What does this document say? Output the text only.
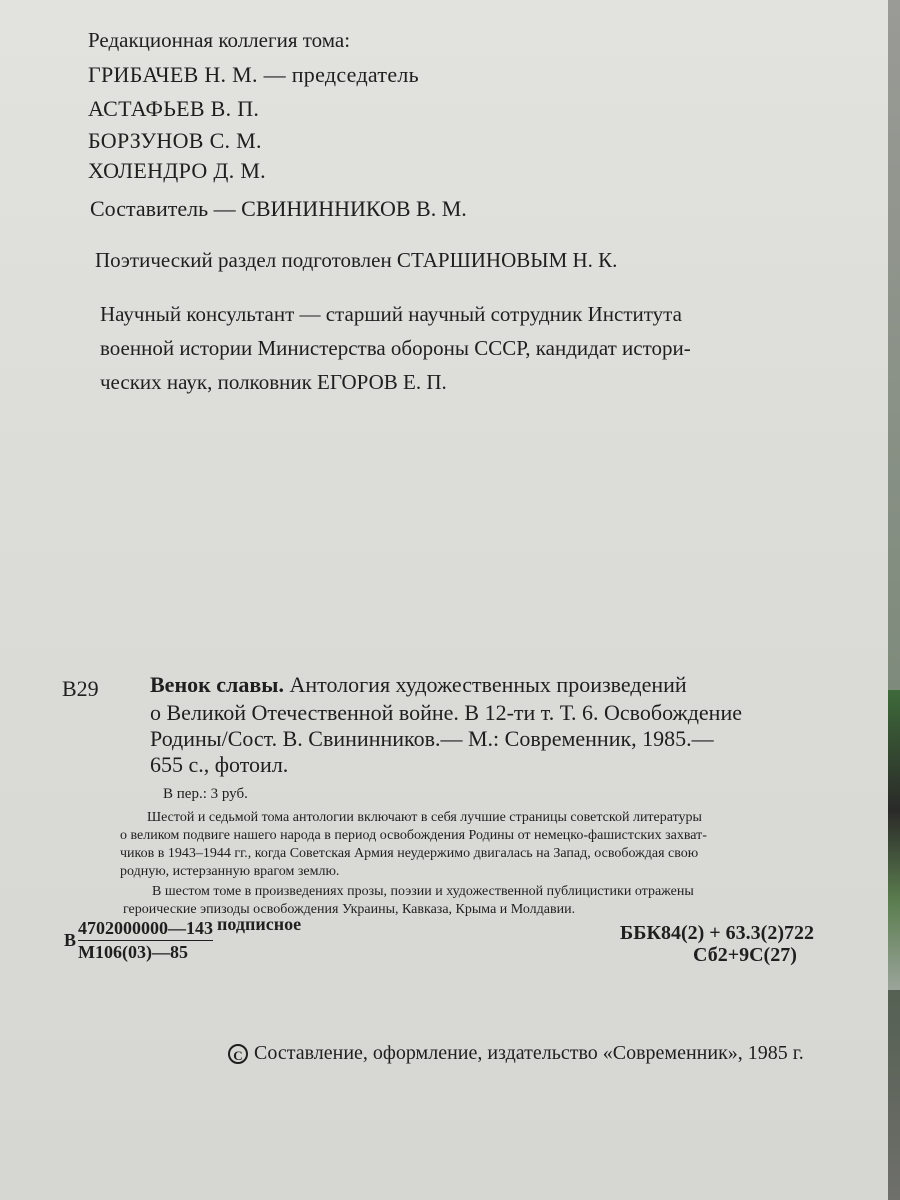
Редакционная коллегия тома:
ГРИБАЧЕВ Н. М. — председатель
АСТАФЬЕВ В. П.
БОРЗУНОВ С. М.
ХОЛЕНДРО Д. М.
Составитель — СВИНИННИКОВ В. М.
Поэтический раздел подготовлен СТАРШИНОВЫМ Н. К.
Научный консультант — старший научный сотрудник Института
военной истории Министерства обороны СССР, кандидат истори-
ческих наук, полковник ЕГОРОВ Е. П.
В29 Венок славы. Антология художественных произведений
о Великой Отечественной войне. В 12-ти т. Т. 6. Освобождение
Родины/Сост. В. Свининников.— М.: Современник, 1985.—
655 с., фотоил.
В пер.: 3 руб.
Шестой и седьмой тома антологии включают в себя лучшие страницы советской литературы
о великом подвиге нашего народа в период освобождения Родины от немецко-фашистских захват-
чиков в 1943–1944 гг., когда Советская Армия неудержимо двигалась на Запад, освобождая свою
родную, истерзанную врагом землю.
В шестом томе в произведениях прозы, поэзии и художественной публицистики отражены
героические эпизоды освобождения Украины, Кавказа, Крыма и Молдавии.
В $\frac{4702000000—143}{М106(03)—85}$ подписное	ББК84(2) + 63.3(2)722
Сб2+9С(27)
C Составление, оформление, издательство «Современник», 1985 г.
